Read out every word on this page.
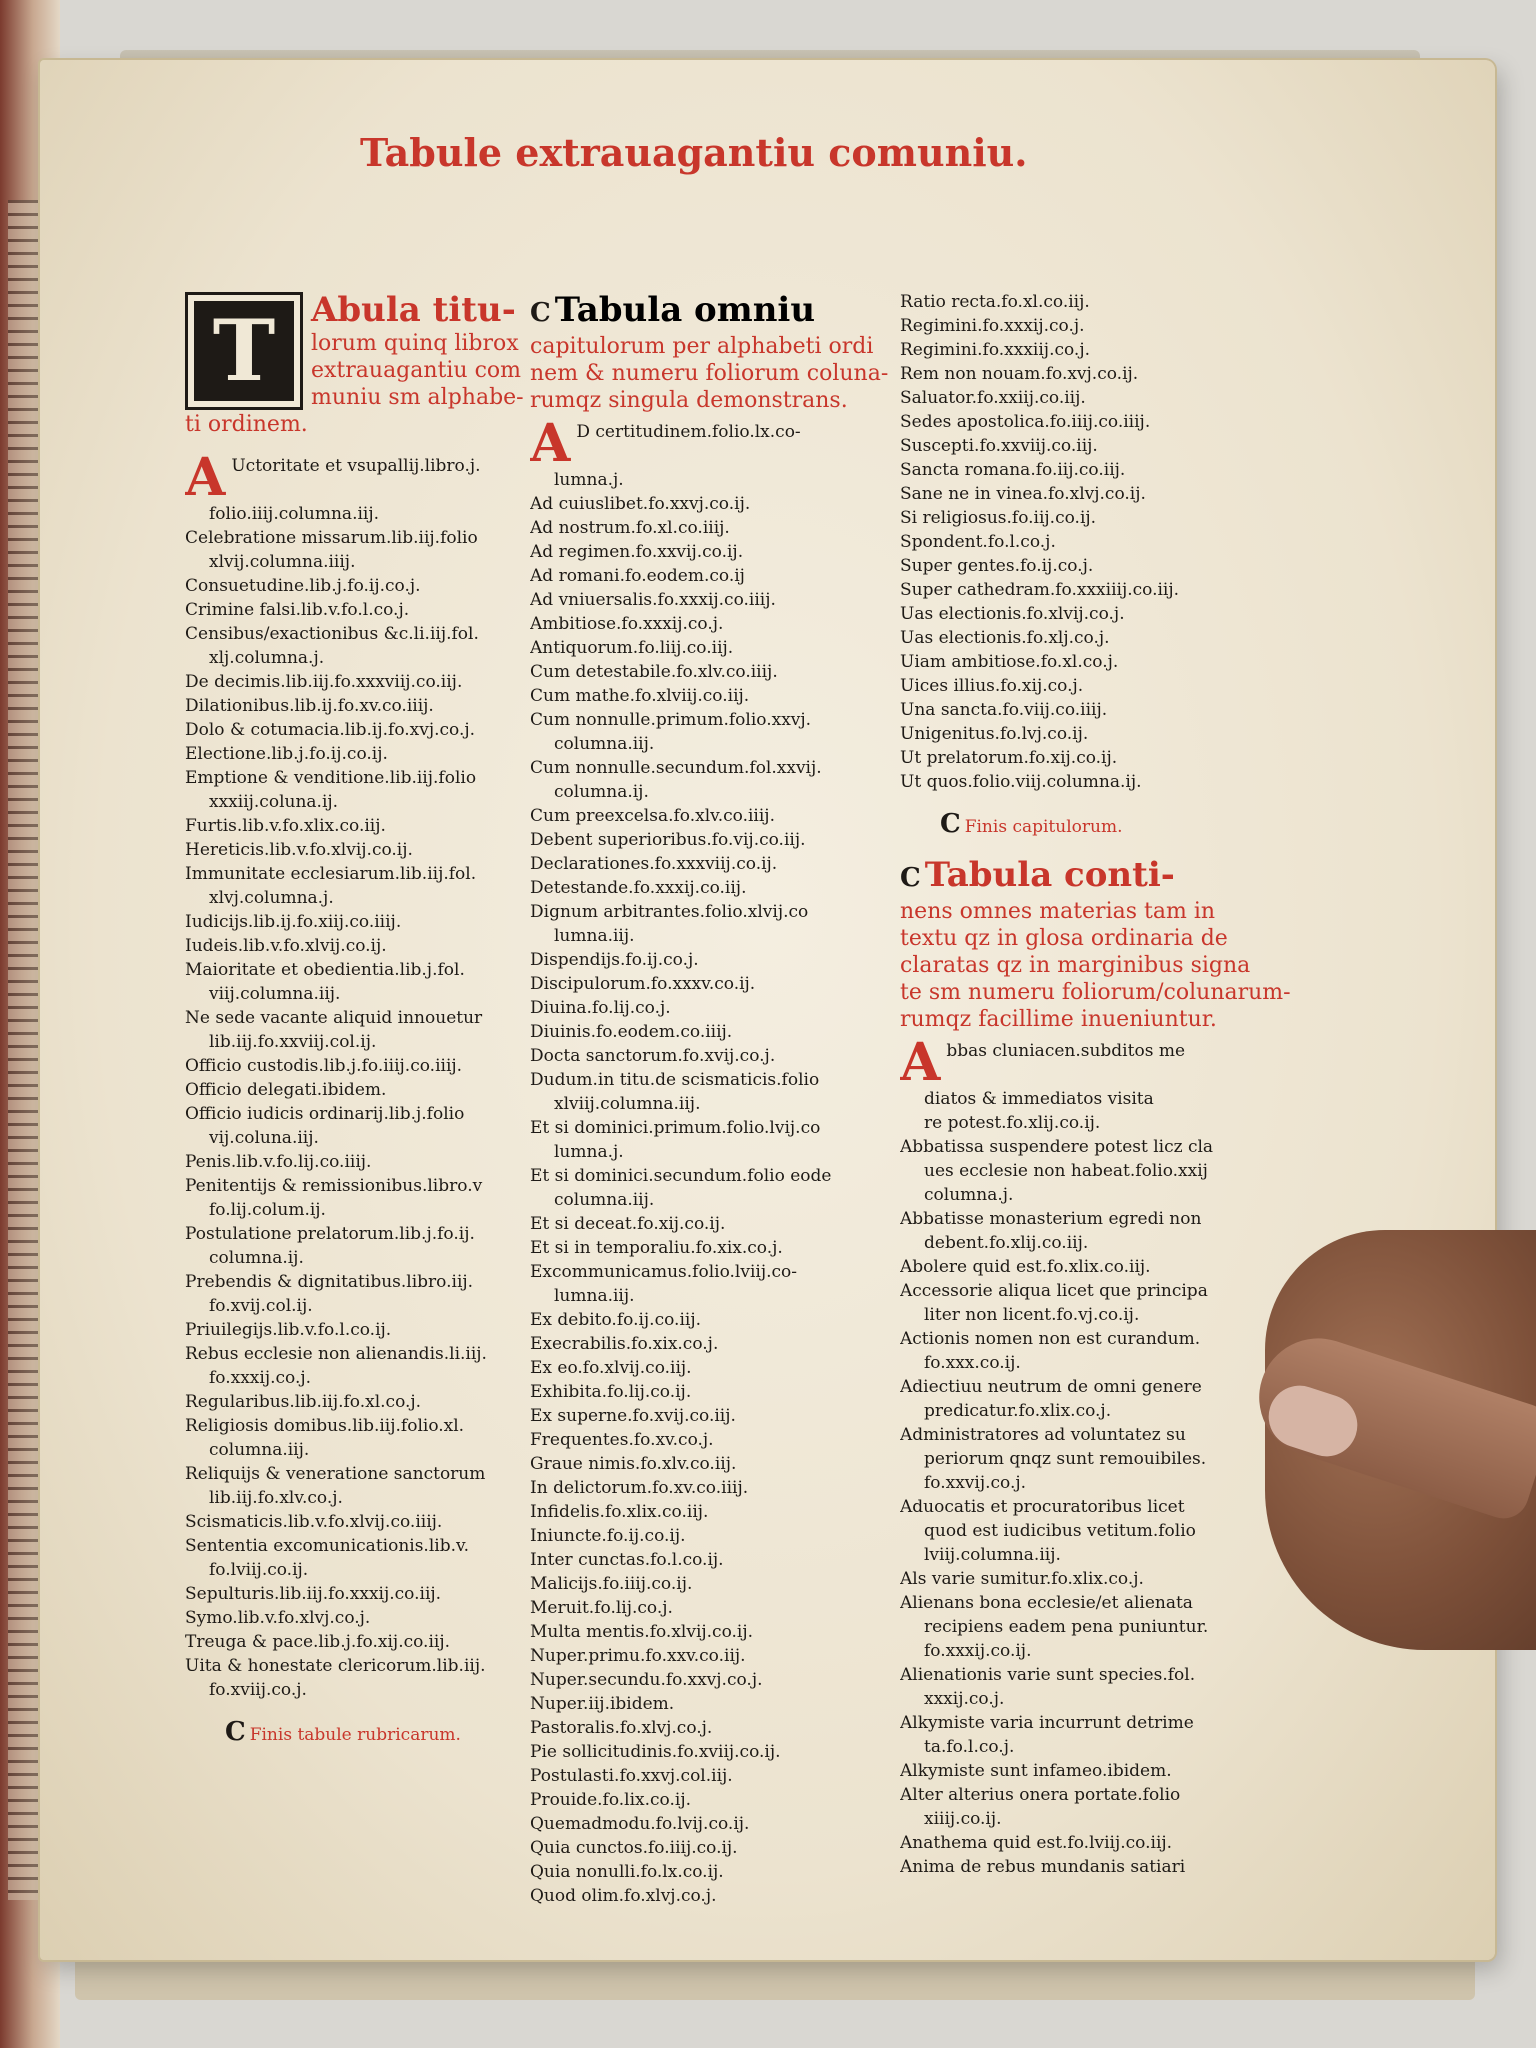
Tabule extrauagantiu comuniu.
T	Abula titu-
lorum quinq librox
extrauagantiu com
muniu sm alphabe-
ti ordinem.
A Uctoritate et vsupallij.libro.j.
folio.iiij.columna.iij.
Celebratione missarum.lib.iij.folio
xlvij.columna.iiij.
Consuetudine.lib.j.fo.ij.co.j.
Crimine falsi.lib.v.fo.l.co.j.
Censibus/exactionibus &c.li.iij.fol.
xlj.columna.j.
De decimis.lib.iij.fo.xxxviij.co.iij.
Dilationibus.lib.ij.fo.xv.co.iiij.
Dolo & cotumacia.lib.ij.fo.xvj.co.j.
Electione.lib.j.fo.ij.co.ij.
Emptione & venditione.lib.iij.folio
xxxiij.coluna.ij.
Furtis.lib.v.fo.xlix.co.iij.
Hereticis.lib.v.fo.xlvij.co.ij.
Immunitate ecclesiarum.lib.iij.fol.
xlvj.columna.j.
Iudicijs.lib.ij.fo.xiij.co.iiij.
Iudeis.lib.v.fo.xlvij.co.ij.
Maioritate et obedientia.lib.j.fol.
viij.columna.iij.
Ne sede vacante aliquid innouetur
lib.iij.fo.xxviij.col.ij.
Officio custodis.lib.j.fo.iiij.co.iiij.
Officio delegati.ibidem.
Officio iudicis ordinarij.lib.j.folio
vij.coluna.iij.
Penis.lib.v.fo.lij.co.iiij.
Penitentijs & remissionibus.libro.v
fo.lij.colum.ij.
Postulatione prelatorum.lib.j.fo.ij.
columna.ij.
Prebendis & dignitatibus.libro.iij.
fo.xvij.col.ij.
Priuilegijs.lib.v.fo.l.co.ij.
Rebus ecclesie non alienandis.li.iij.
fo.xxxij.co.j.
Regularibus.lib.iij.fo.xl.co.j.
Religiosis domibus.lib.iij.folio.xl.
columna.iij.
Reliquijs & veneratione sanctorum
lib.iij.fo.xlv.co.j.
Scismaticis.lib.v.fo.xlvij.co.iiij.
Sententia excomunicationis.lib.v.
fo.lviij.co.ij.
Sepulturis.lib.iij.fo.xxxij.co.iij.
Symo.lib.v.fo.xlvj.co.j.
Treuga & pace.lib.j.fo.xij.co.iij.
Uita & honestate clericorum.lib.iij.
fo.xviij.co.j.
C Finis tabule rubricarum.
C Tabula omniu
capitulorum per alphabeti ordi
nem & numeru foliorum coluna-
rumqz singula demonstrans.
A D certitudinem.folio.lx.co-
lumna.j.
Ad cuiuslibet.fo.xxvj.co.ij.
Ad nostrum.fo.xl.co.iiij.
Ad regimen.fo.xxvij.co.ij.
Ad romani.fo.eodem.co.ij
Ad vniuersalis.fo.xxxij.co.iiij.
Ambitiose.fo.xxxij.co.j.
Antiquorum.fo.liij.co.iij.
Cum detestabile.fo.xlv.co.iiij.
Cum mathe.fo.xlviij.co.iij.
Cum nonnulle.primum.folio.xxvj.
columna.iij.
Cum nonnulle.secundum.fol.xxvij.
columna.ij.
Cum preexcelsa.fo.xlv.co.iiij.
Debent superioribus.fo.vij.co.iij.
Declarationes.fo.xxxviij.co.ij.
Detestande.fo.xxxij.co.iij.
Dignum arbitrantes.folio.xlvij.co
lumna.iij.
Dispendijs.fo.ij.co.j.
Discipulorum.fo.xxxv.co.ij.
Diuina.fo.lij.co.j.
Diuinis.fo.eodem.co.iiij.
Docta sanctorum.fo.xvij.co.j.
Dudum.in titu.de scismaticis.folio
xlviij.columna.iij.
Et si dominici.primum.folio.lvij.co
lumna.j.
Et si dominici.secundum.folio eode
columna.iij.
Et si deceat.fo.xij.co.ij.
Et si in temporaliu.fo.xix.co.j.
Excommunicamus.folio.lviij.co-
lumna.iij.
Ex debito.fo.ij.co.iij.
Execrabilis.fo.xix.co.j.
Ex eo.fo.xlvij.co.iij.
Exhibita.fo.lij.co.ij.
Ex superne.fo.xvij.co.iij.
Frequentes.fo.xv.co.j.
Graue nimis.fo.xlv.co.iij.
In delictorum.fo.xv.co.iiij.
Infidelis.fo.xlix.co.iij.
Iniuncte.fo.ij.co.ij.
Inter cunctas.fo.l.co.ij.
Malicijs.fo.iiij.co.ij.
Meruit.fo.lij.co.j.
Multa mentis.fo.xlvij.co.ij.
Nuper.primu.fo.xxv.co.iij.
Nuper.secundu.fo.xxvj.co.j.
Nuper.iij.ibidem.
Pastoralis.fo.xlvj.co.j.
Pie sollicitudinis.fo.xviij.co.ij.
Postulasti.fo.xxvj.col.iij.
Prouide.fo.lix.co.ij.
Quemadmodu.fo.lvij.co.ij.
Quia cunctos.fo.iiij.co.ij.
Quia nonulli.fo.lx.co.ij.
Quod olim.fo.xlvj.co.j.
Ratio recta.fo.xl.co.iij.
Regimini.fo.xxxij.co.j.
Regimini.fo.xxxiij.co.j.
Rem non nouam.fo.xvj.co.ij.
Saluator.fo.xxiij.co.iij.
Sedes apostolica.fo.iiij.co.iiij.
Suscepti.fo.xxviij.co.iij.
Sancta romana.fo.iij.co.iij.
Sane ne in vinea.fo.xlvj.co.ij.
Si religiosus.fo.iij.co.ij.
Spondent.fo.l.co.j.
Super gentes.fo.ij.co.j.
Super cathedram.fo.xxxiiij.co.iij.
Uas electionis.fo.xlvij.co.j.
Uas electionis.fo.xlj.co.j.
Uiam ambitiose.fo.xl.co.j.
Uices illius.fo.xij.co.j.
Una sancta.fo.viij.co.iiij.
Unigenitus.fo.lvj.co.ij.
Ut prelatorum.fo.xij.co.ij.
Ut quos.folio.viij.columna.ij.
C Finis capitulorum.
C Tabula conti-
nens omnes materias tam in
textu qz in glosa ordinaria de
claratas qz in marginibus signa
te sm numeru foliorum/colunarum-
rumqz facillime inueniuntur.
Abbas cluniacen.subditos me
diatos & immediatos visita
re potest.fo.xlij.co.ij.
Abbatissa suspendere potest licz cla
ues ecclesie non habeat.folio.xxij
columna.j.
Abbatisse monasterium egredi non
debent.fo.xlij.co.iij.
Abolere quid est.fo.xlix.co.iij.
Accessorie aliqua licet que principa
liter non licent.fo.vj.co.ij.
Actionis nomen non est curandum.
fo.xxx.co.ij.
Adiectiuu neutrum de omni genere
predicatur.fo.xlix.co.j.
Administratores ad voluntatez su
periorum qnqz sunt remouibiles.
fo.xxvij.co.j.
Aduocatis et procuratoribus licet
quod est iudicibus vetitum.folio
lviij.columna.iij.
Als varie sumitur.fo.xlix.co.j.
Alienans bona ecclesie/et alienata
recipiens eadem pena puniuntur.
fo.xxxij.co.ij.
Alienationis varie sunt species.fol.
xxxij.co.j.
Alkymiste varia incurrunt detrime
ta.fo.l.co.j.
Alkymiste sunt infameo.ibidem.
Alter alterius onera portate.folio
xiiij.co.ij.
Anathema quid est.fo.lviij.co.iij.
Anima de rebus mundanis satiari
